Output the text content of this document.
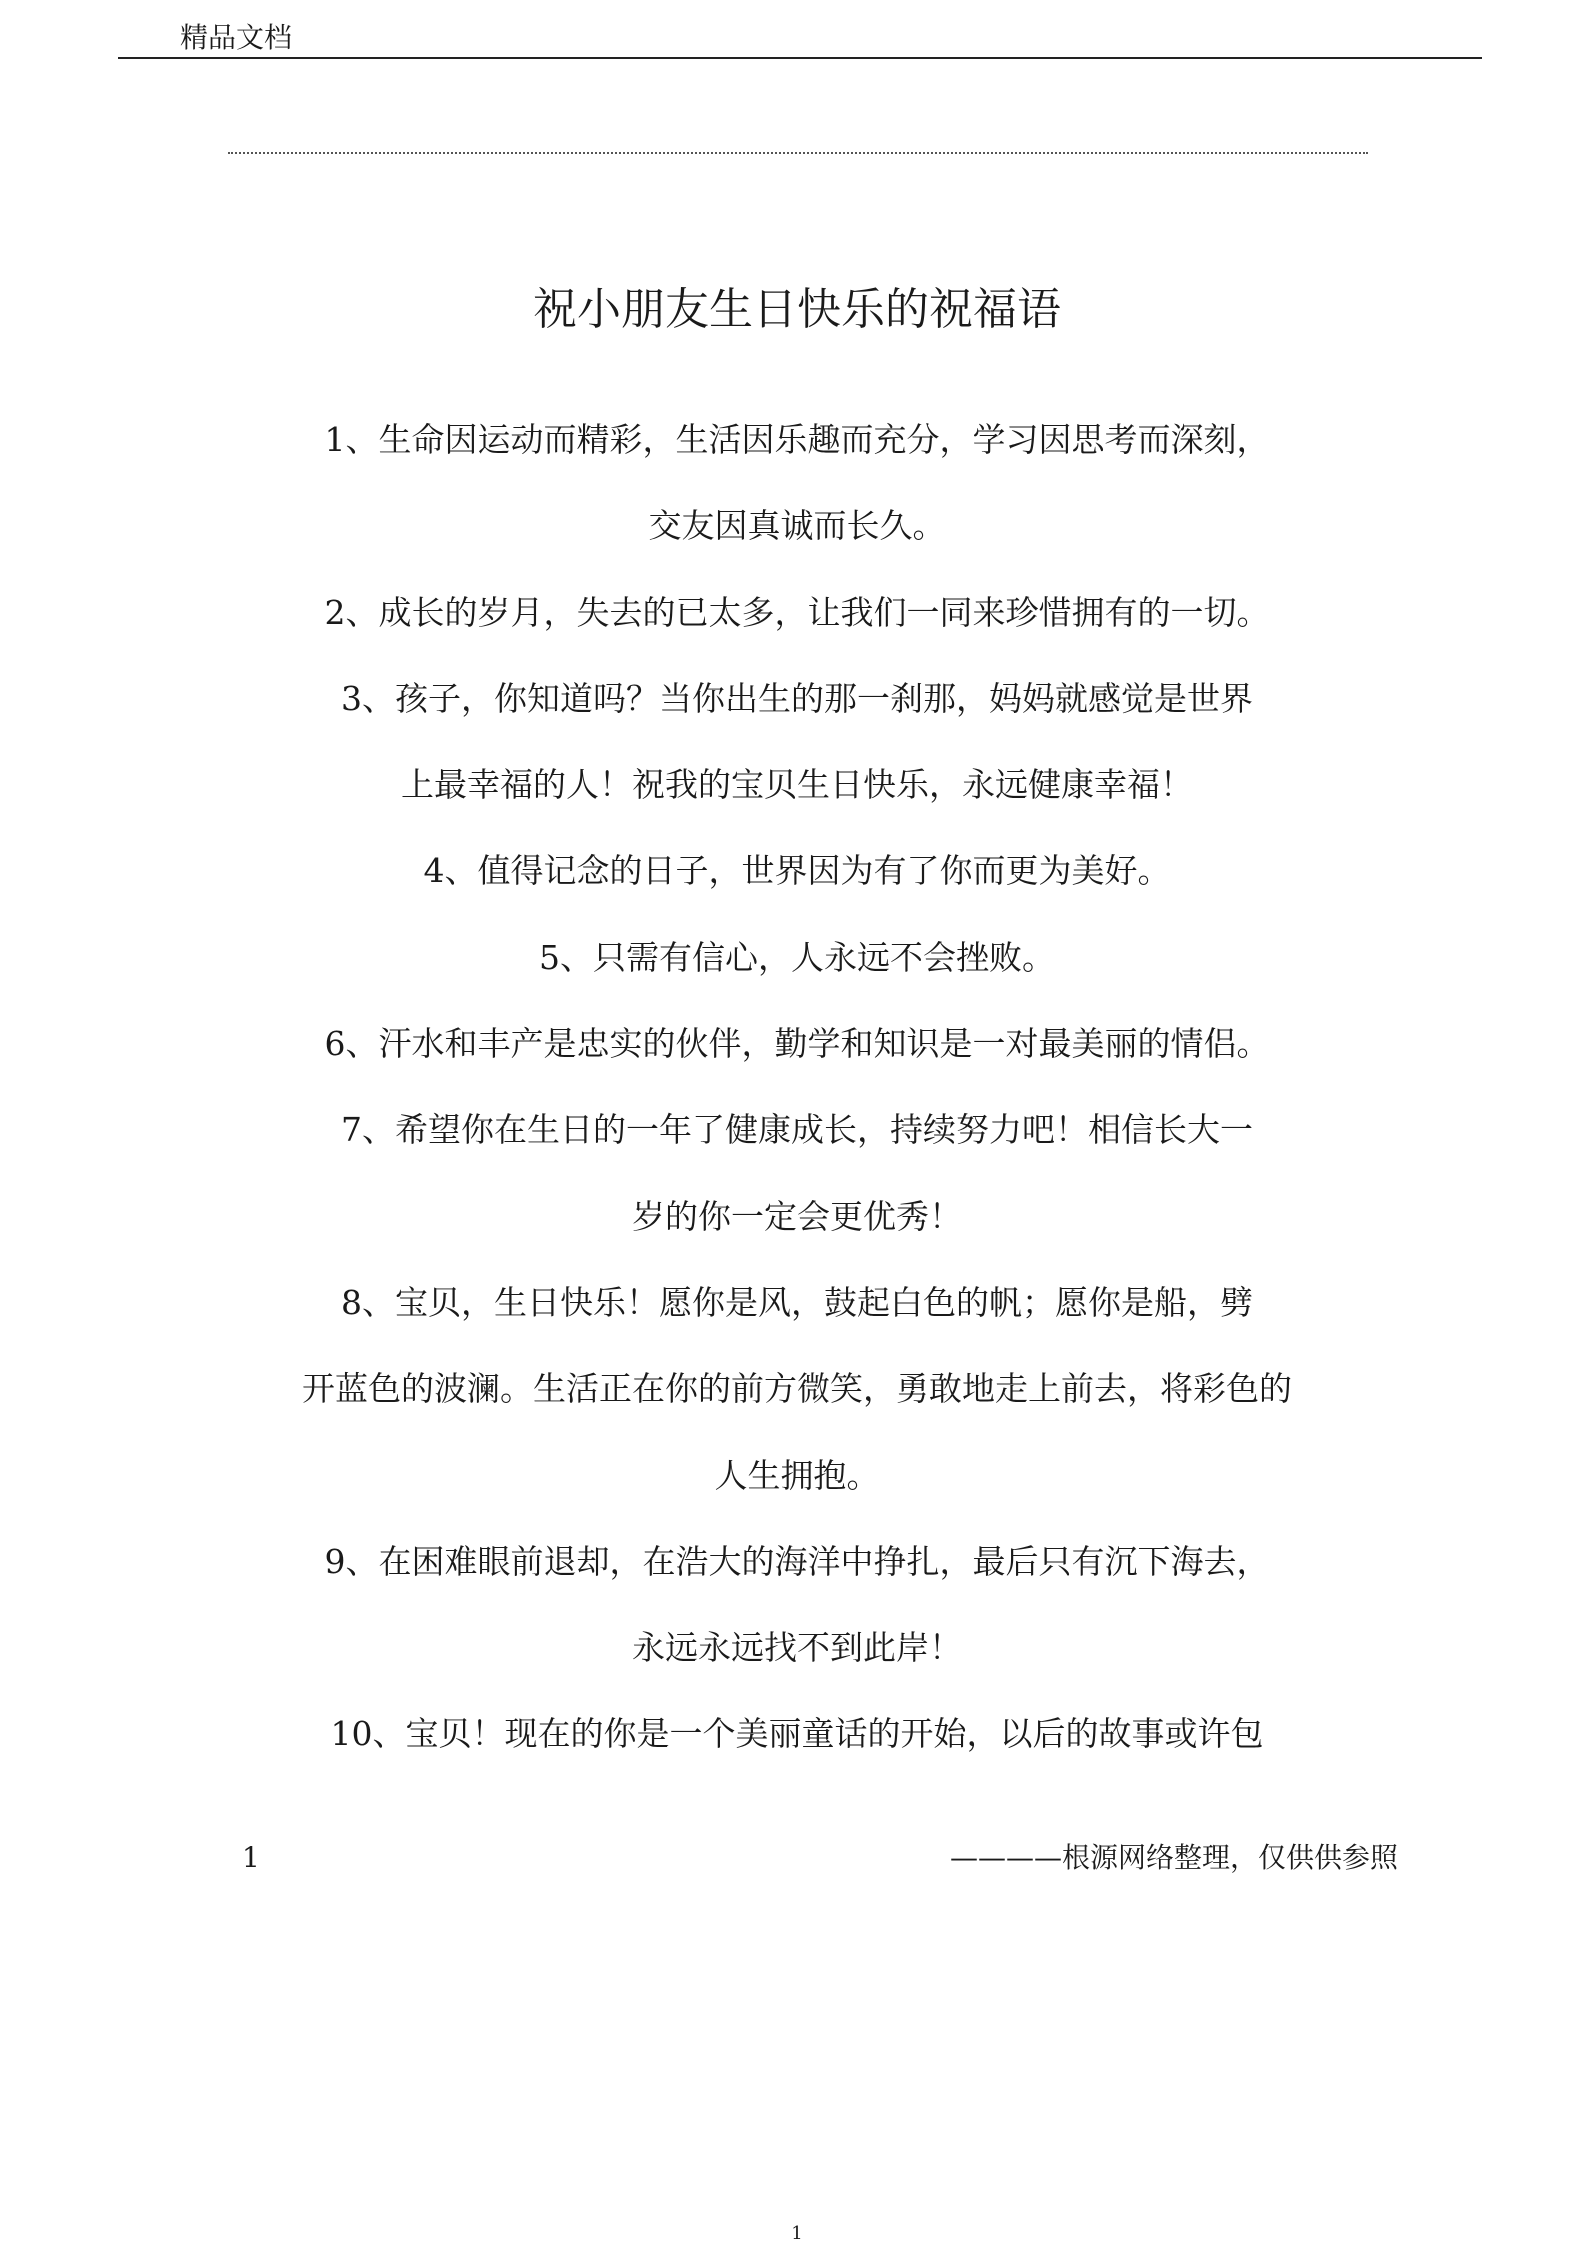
精品文档
祝小朋友生日快乐的祝福语
1、生命因运动而精彩，生活因乐趣而充分，学习因思考而深刻，
交友因真诚而长久。
2、成长的岁月，失去的已太多，让我们一同来珍惜拥有的一切。
3、孩子，你知道吗？当你出生的那一刹那，妈妈就感觉是世界
上最幸福的人！祝我的宝贝生日快乐，永远健康幸福！
4、值得记念的日子，世界因为有了你而更为美好。
5、只需有信心，人永远不会挫败。
6、汗水和丰产是忠实的伙伴，勤学和知识是一对最美丽的情侣。
7、希望你在生日的一年了健康成长，持续努力吧！相信长大一
岁的你一定会更优秀！
8、宝贝，生日快乐！愿你是风，鼓起白色的帆；愿你是船，劈
开蓝色的波澜。生活正在你的前方微笑，勇敢地走上前去，将彩色的
人生拥抱。
9、在困难眼前退却，在浩大的海洋中挣扎，最后只有沉下海去，
永远永远找不到此岸！
10、宝贝！现在的你是一个美丽童话的开始，以后的故事或许包
1	————根源网络整理，仅供供参照
1
